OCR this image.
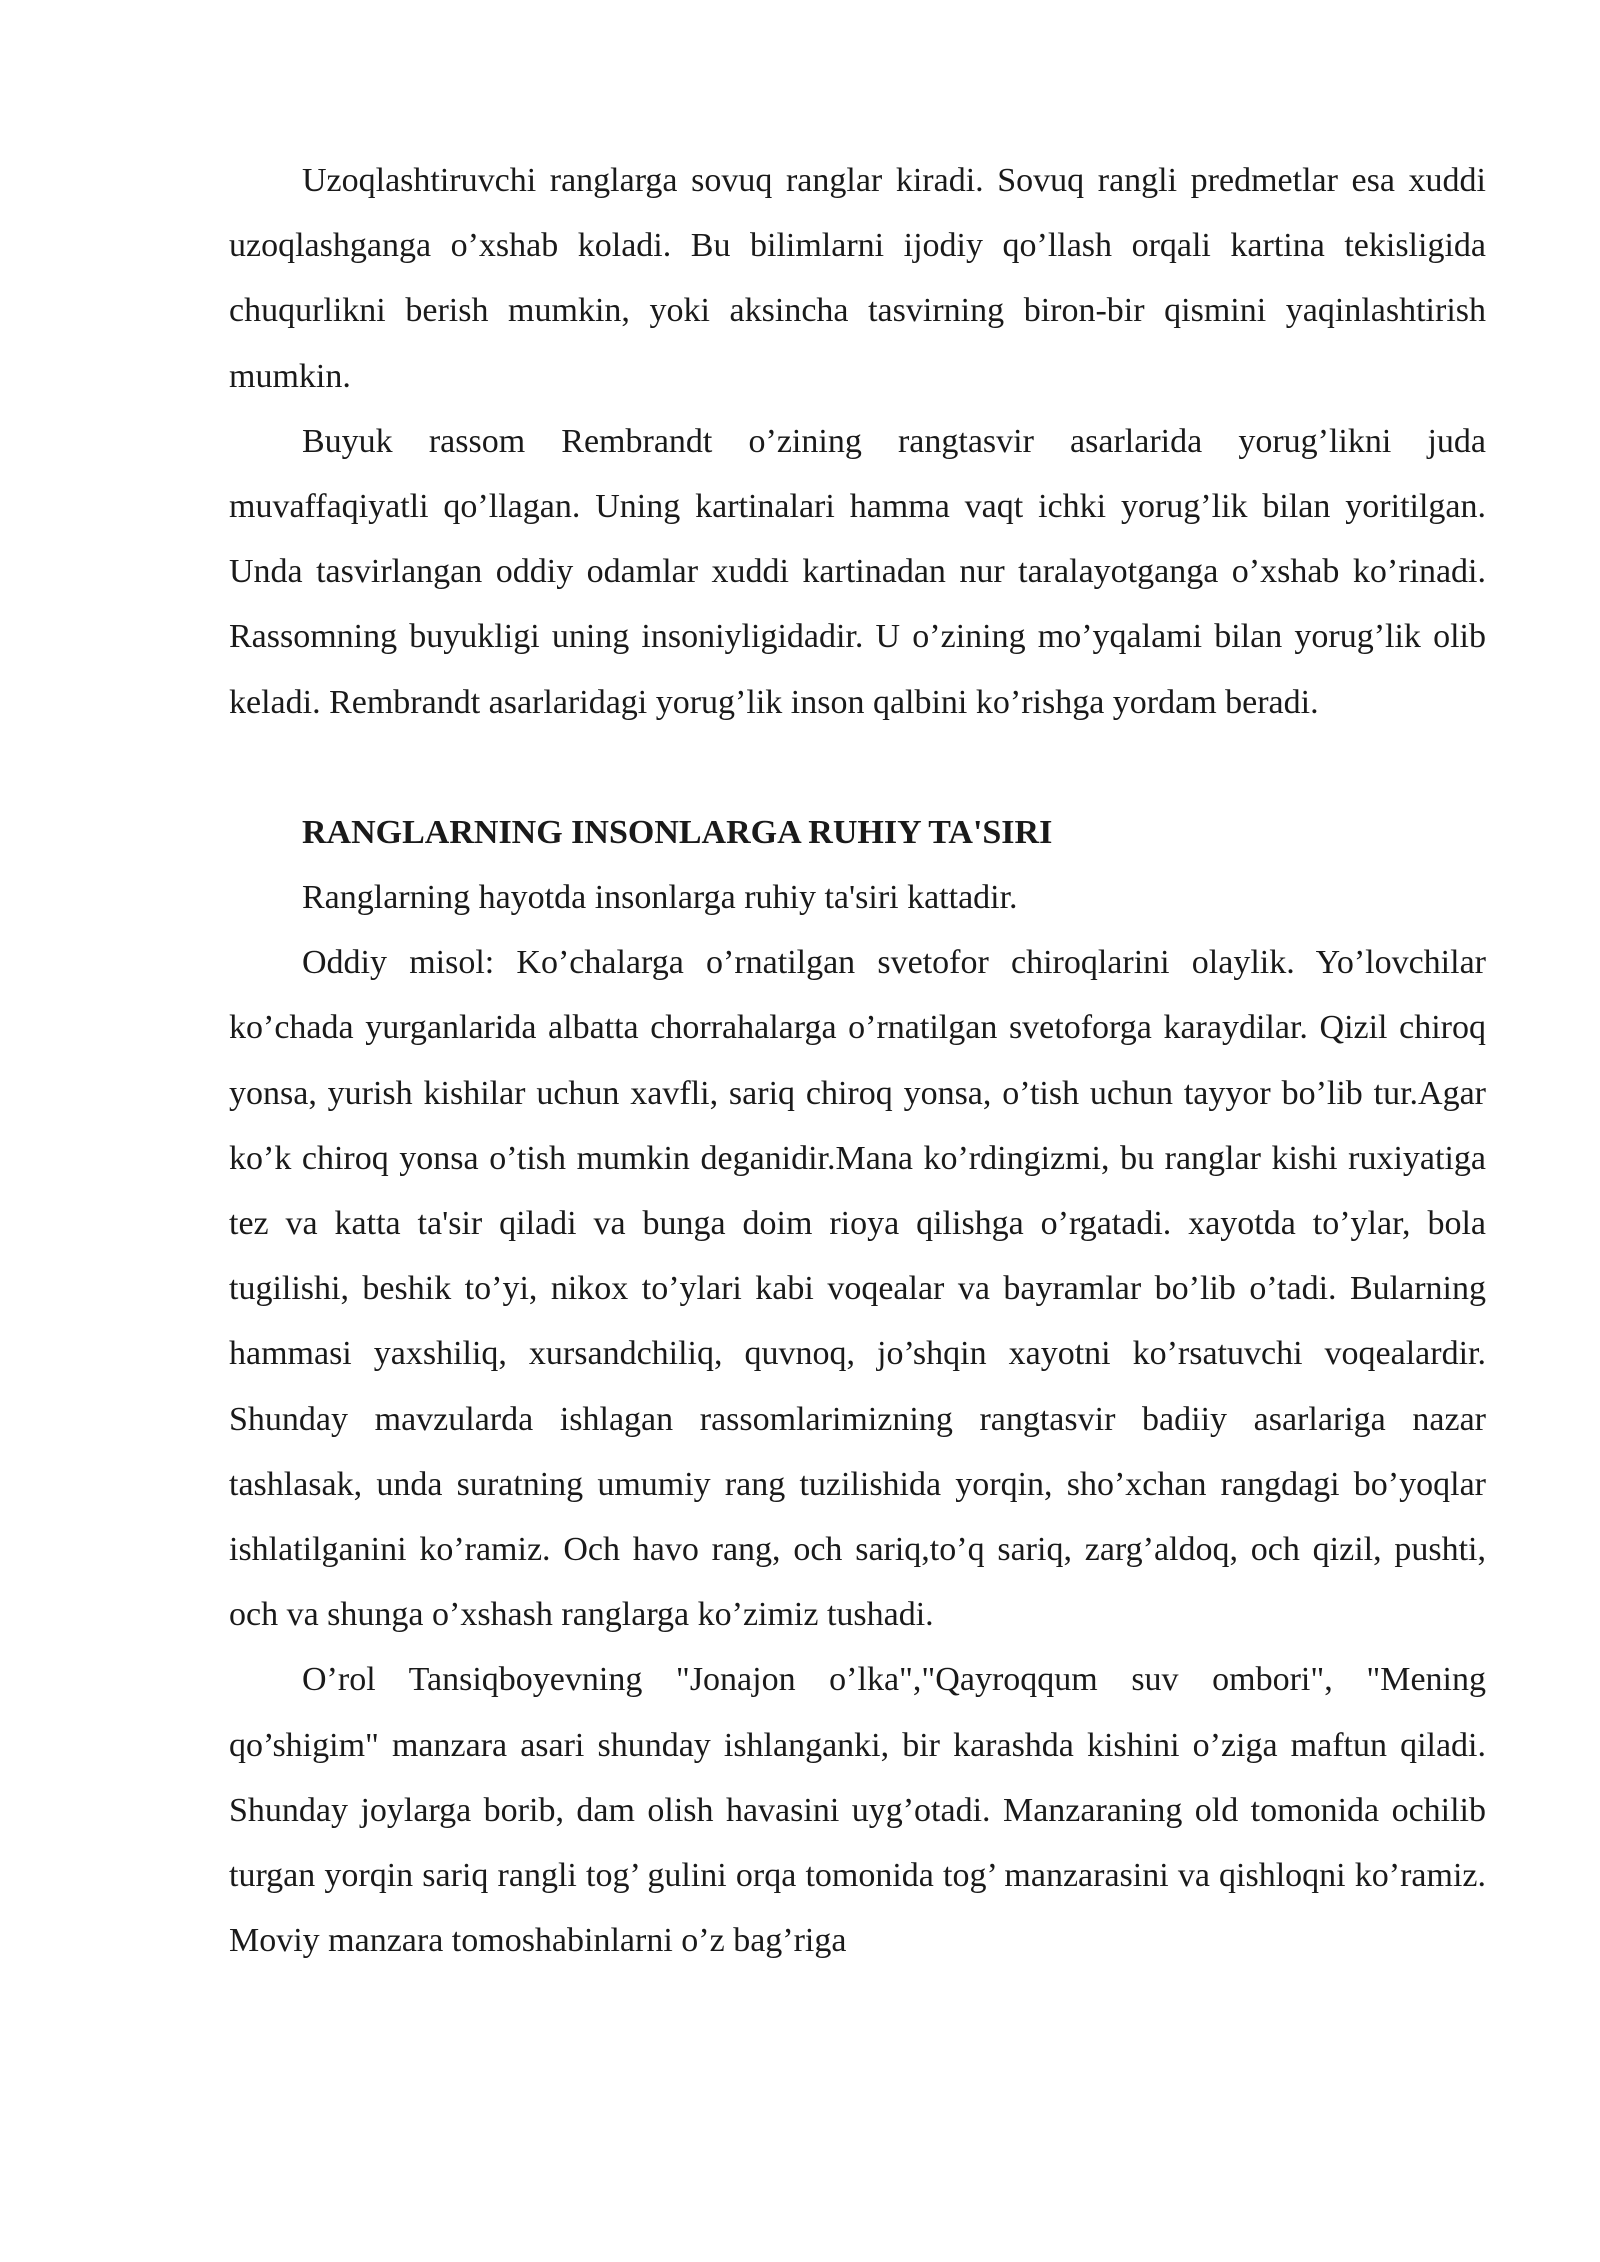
Uzoqlashtiruvchi ranglarga sovuq ranglar kiradi. Sovuq rangli predmetlar esa xuddi uzoqlashganga o’xshab koladi. Bu bilimlarni ijodiy qo’llash orqali kartina tekisligida chuqurlikni berish mumkin, yoki aksincha tasvirning biron-bir qismini yaqinlashtirish mumkin.

Buyuk rassom Rembrandt o’zining rangtasvir asarlarida yorug’likni juda muvaffaqiyatli qo’llagan. Uning kartinalari hamma vaqt ichki yorug’lik bilan yoritilgan. Unda tasvirlangan oddiy odamlar xuddi kartinadan nur taralayotganga o’xshab ko’rinadi. Rassomning buyukligi uning insoniyligidadir. U o’zining mo’yqalami bilan yorug’lik olib keladi. Rembrandt asarlaridagi yorug’lik inson qalbini ko’rishga yordam beradi.

RANGLARNING INSONLARGA RUHIY TA'SIRI

Ranglarning hayotda insonlarga ruhiy ta'siri kattadir.

Oddiy misol: Ko’chalarga o’rnatilgan svetofor chiroqlarini olaylik. Yo’lovchilar ko’chada yurganlarida albatta chorrahalarga o’rnatilgan svetoforga karaydilar. Qizil chiroq yonsa, yurish kishilar uchun xavfli, sariq chiroq yonsa, o’tish uchun tayyor bo’lib tur.Agar ko’k chiroq yonsa o’tish mumkin deganidir.Mana ko’rdingizmi, bu ranglar kishi ruxiyatiga tez va katta ta'sir qiladi va bunga doim rioya qilishga o’rgatadi. xayotda to’ylar, bola tugilishi, beshik to’yi, nikox to’ylari kabi voqealar va bayramlar bo’lib o’tadi. Bularning hammasi yaxshiliq, xursandchiliq, quvnoq, jo’shqin xayotni ko’rsatuvchi voqealardir. Shunday mavzularda ishlagan rassomlarimizning rangtasvir badiiy asarlariga nazar tashlasak, unda suratning umumiy rang tuzilishida yorqin, sho’xchan rangdagi bo’yoqlar ishlatilganini ko’ramiz. Och havo rang, och sariq,to’q sariq, zarg’aldoq, och qizil, pushti, och va shunga o’xshash ranglarga ko’zimiz tushadi.

O’rol Tansiqboyevning "Jonajon o’lka","Qayroqqum suv ombori", "Mening qo’shigim" manzara asari shunday ishlanganki, bir karashda kishini o’ziga maftun qiladi. Shunday joylarga borib, dam olish havasini uyg’otadi. Manzaraning old tomonida ochilib turgan yorqin sariq rangli tog’ gulini orqa tomonida tog’ manzarasini va qishloqni ko’ramiz. Moviy manzara tomoshabinlarni o’z bag’riga
